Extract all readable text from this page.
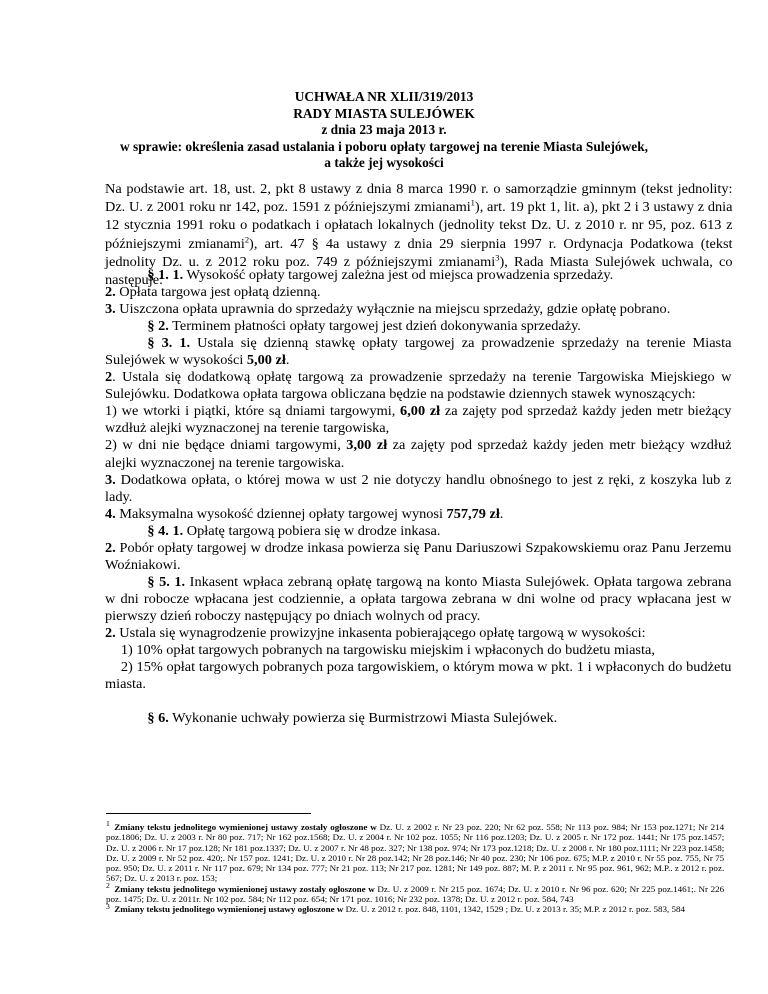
UCHWAŁA NR XLII/319/2013
RADY MIASTA SULEJÓWEK
z dnia 23 maja 2013 r.
w sprawie: określenia zasad ustalania i poboru opłaty targowej na terenie Miasta Sulejówek,
a także jej wysokości
Na podstawie art. 18, ust. 2, pkt 8 ustawy z dnia 8 marca 1990 r. o samorządzie gminnym (tekst jednolity: Dz. U. z 2001 roku nr 142, poz. 1591 z późniejszymi zmianami$^1$), art. 19 pkt 1, lit. a), pkt 2 i 3 ustawy z dnia 12 stycznia 1991 roku o podatkach i opłatach lokalnych (jednolity tekst Dz. U. z 2010 r. nr 95, poz. 613 z późniejszymi zmianami$^2$), art. 47 § 4a ustawy z dnia 29 sierpnia 1997 r. Ordynacja Podatkowa (tekst jednolity Dz. u. z 2012 roku poz. 749 z późniejszymi zmianami$^3$), Rada Miasta Sulejówek uchwala, co następuje:

§ 1. 1. Wysokość opłaty targowej zależna jest od miejsca prowadzenia sprzedaży.

2. Opłata targowa jest opłatą dzienną.

3. Uiszczona opłata uprawnia do sprzedaży wyłącznie na miejscu sprzedaży, gdzie opłatę pobrano.

§ 2. Terminem płatności opłaty targowej jest dzień dokonywania sprzedaży.

§ 3. 1. Ustala się dzienną stawkę opłaty targowej za prowadzenie sprzedaży na terenie Miasta Sulejówek w wysokości 5,00 zł.

2. Ustala się dodatkową opłatę targową za prowadzenie sprzedaży na terenie Targowiska Miejskiego w Sulejówku. Dodatkowa opłata targowa obliczana będzie na podstawie dziennych stawek wynoszących:

1) we wtorki i piątki, które są dniami targowymi, 6,00 zł za zajęty pod sprzedaż każdy jeden metr bieżący wzdłuż alejki wyznaczonej na terenie targowiska,

2) w dni nie będące dniami targowymi, 3,00 zł za zajęty pod sprzedaż każdy jeden metr bieżący wzdłuż alejki wyznaczonej na terenie targowiska.

3. Dodatkowa opłata, o której mowa w ust 2 nie dotyczy handlu obnośnego to jest z ręki, z koszyka lub z lady.

4. Maksymalna wysokość dziennej opłaty targowej wynosi 757,79 zł.

§ 4. 1. Opłatę targową pobiera się w drodze inkasa.

2. Pobór opłaty targowej w drodze inkasa powierza się Panu Dariuszowi Szpakowskiemu oraz Panu Jerzemu Woźniakowi.

§ 5. 1. Inkasent wpłaca zebraną opłatę targową na konto Miasta Sulejówek. Opłata targowa zebrana w dni robocze wpłacana jest codziennie, a opłata targowa zebrana w dni wolne od pracy wpłacana jest w pierwszy dzień roboczy następujący po dniach wolnych od pracy.

2. Ustala się wynagrodzenie prowizyjne inkasenta pobierającego opłatę targową w wysokości:

1) 10% opłat targowych pobranych na targowisku miejskim i wpłaconych do budżetu miasta,

2) 15% opłat targowych pobranych poza targowiskiem, o którym mowa w pkt. 1 i wpłaconych do budżetu miasta.

§ 6. Wykonanie uchwały powierza się Burmistrzowi Miasta Sulejówek.

1 Zmiany tekstu jednolitego wymienionej ustawy zostały ogłoszone w Dz. U. z 2002 r. Nr 23 poz. 220; Nr 62 poz. 558; Nr 113 poz. 984; Nr 153 poz.1271; Nr 214 poz.1806; Dz. U. z 2003 r. Nr 80 poz. 717; Nr 162 poz.1568; Dz. U. z 2004 r. Nr 102 poz. 1055; Nr 116 poz.1203; Dz. U. z 2005 r. Nr 172 poz. 1441; Nr 175 poz.1457; Dz. U. z 2006 r. Nr 17 poz.128; Nr 181 poz.1337; Dz. U. z 2007 r. Nr 48 poz. 327; Nr 138 poz. 974; Nr 173 poz.1218; Dz. U. z 2008 r. Nr 180 poz.1111; Nr 223 poz.1458; Dz. U. z 2009 r. Nr 52 poz. 420;. Nr 157 poz. 1241; Dz. U. z 2010 r. Nr 28 poz.142; Nr 28 poz.146; Nr 40 poz. 230; Nr 106 poz. 675; M.P. z 2010 r. Nr 55 poz. 755, Nr 75 poz. 950; Dz. U. z 2011 r. Nr 117 poz. 679; Nr 134 poz. 777; Nr 21 poz. 113; Nr 217 poz. 1281; Nr 149 poz. 887; M. P. z 2011 r. Nr 95 poz. 961, 962; M.P.. z 2012 r. poz. 567; Dz. U. z 2013 r. poz. 153;

2 Zmiany tekstu jednolitego wymienionej ustawy zostały ogłoszone w Dz. U. z 2009 r. Nr 215 poz. 1674; Dz. U. z 2010 r. Nr 96 poz. 620; Nr 225 poz.1461;. Nr 226 poz. 1475; Dz. U. z 2011r. Nr 102 poz. 584; Nr 112 poz. 654; Nr 171 poz. 1016; Nr 232 poz. 1378; Dz. U. z 2012 r. poz. 584, 743

3 Zmiany tekstu jednolitego wymienionej ustawy ogłoszone w Dz. U. z 2012 r. poz. 848, 1101, 1342, 1529 ; Dz. U. z 2013 r. 35; M.P. z 2012 r. poz. 583, 584
